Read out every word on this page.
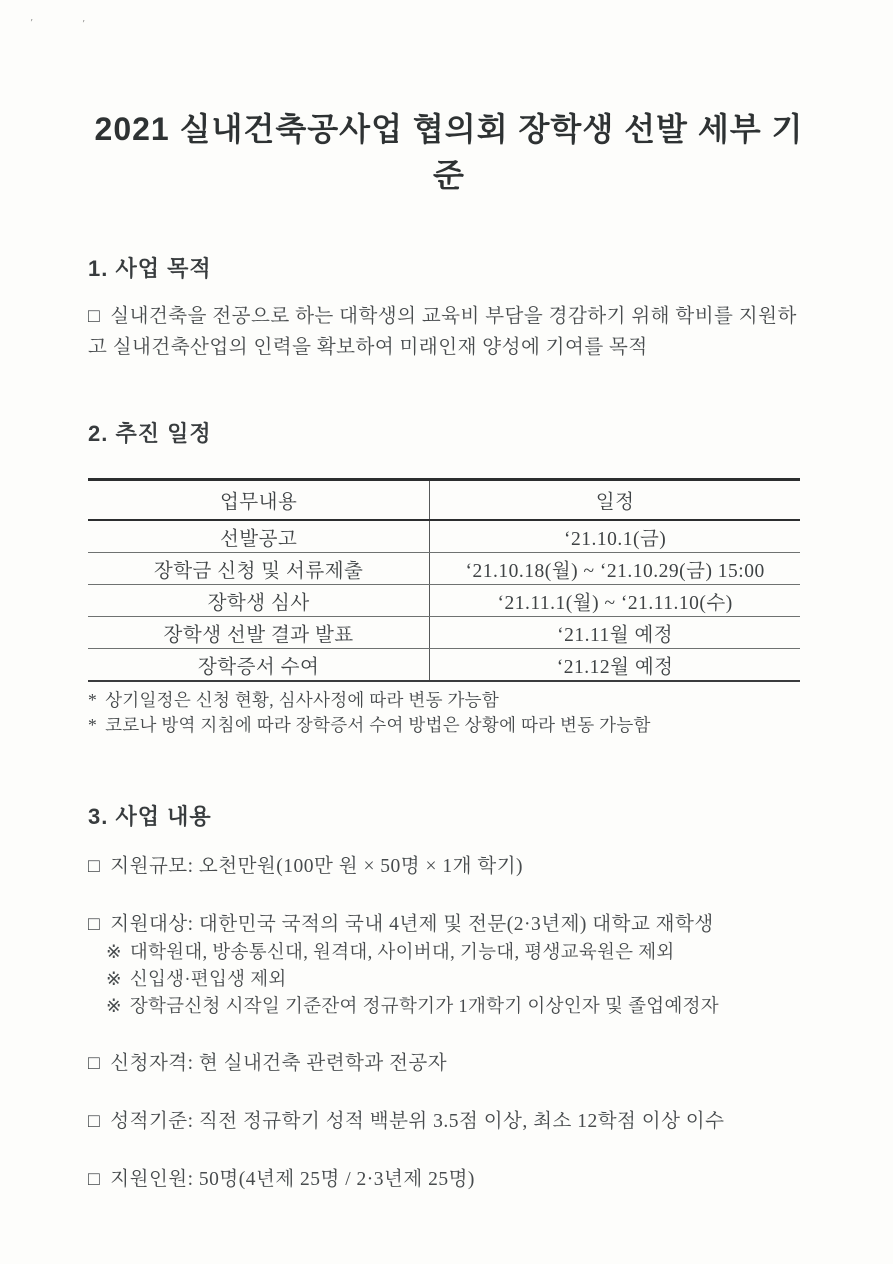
’	’
2021 실내건축공사업 협의회 장학생 선발 세부 기준
1. 사업 목적

□ 실내건축을 전공으로 하는 대학생의 교육비 부담을 경감하기 위해 학비를 지원하고 실내건축산업의 인력을 확보하여 미래인재 양성에 기여를 목적

2. 추진 일정
업무내용	일정
선발공고	‘21.10.1(금)
장학금 신청 및 서류제출	‘21.10.18(월) ~ ‘21.10.29(금) 15:00
장학생 심사	‘21.11.1(월) ~ ‘21.11.10(수)
장학생 선발 결과 발표	‘21.11월 예정
장학증서 수여	‘21.12월 예정

* 상기일정은 신청 현황, 심사사정에 따라 변동 가능함

* 코로나 방역 지침에 따라 장학증서 수여 방법은 상황에 따라 변동 가능함

3. 사업 내용

□ 지원규모: 오천만원(100만 원 × 50명 × 1개 학기)

□ 지원대상: 대한민국 국적의 국내 4년제 및 전문(2·3년제) 대학교 재학생

※ 대학원대, 방송통신대, 원격대, 사이버대, 기능대, 평생교육원은 제외

※ 신입생·편입생 제외

※ 장학금신청 시작일 기준잔여 정규학기가 1개학기 이상인자 및 졸업예정자

□ 신청자격: 현 실내건축 관련학과 전공자

□ 성적기준: 직전 정규학기 성적 백분위 3.5점 이상, 최소 12학점 이상 이수

□ 지원인원: 50명(4년제 25명 / 2·3년제 25명)
